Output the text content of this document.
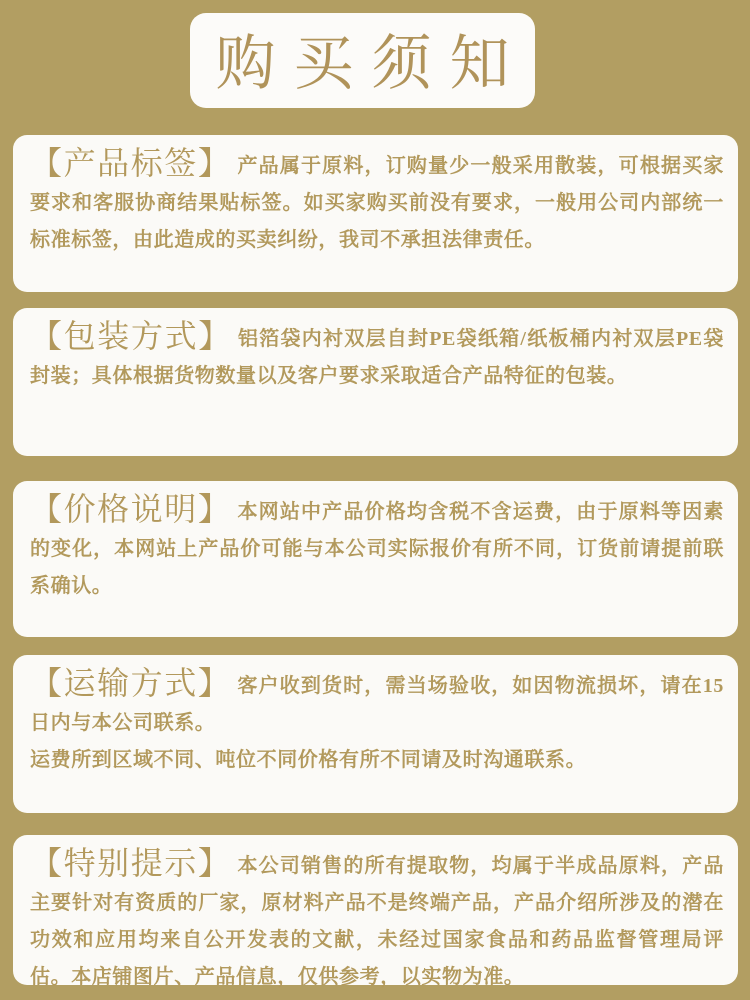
购买须知

【产品标签】 产品属于原料，订购量少一般采用散装，可根据买家要求和客服协商结果贴标签。如买家购买前没有要求，一般用公司内部统一标准标签，由此造成的买卖纠纷，我司不承担法律责任。

【包装方式】 铝箔袋内衬双层自封PE袋纸箱/纸板桶内衬双层PE袋封装；具体根据货物数量以及客户要求采取适合产品特征的包装。

【价格说明】 本网站中产品价格均含税不含运费，由于原料等因素的变化，本网站上产品价可能与本公司实际报价有所不同，订货前请提前联系确认。

【运输方式】 客户收到货时，需当场验收，如因物流损坏，请在15日内与本公司联系。
运费所到区域不同、吨位不同价格有所不同请及时沟通联系。

【特别提示】 本公司销售的所有提取物，均属于半成品原料，产品主要针对有资质的厂家，原材料产品不是终端产品，产品介绍所涉及的潜在功效和应用均来自公开发表的文献，未经过国家食品和药品监督管理局评估。本店铺图片、产品信息，仅供参考，以实物为准。
